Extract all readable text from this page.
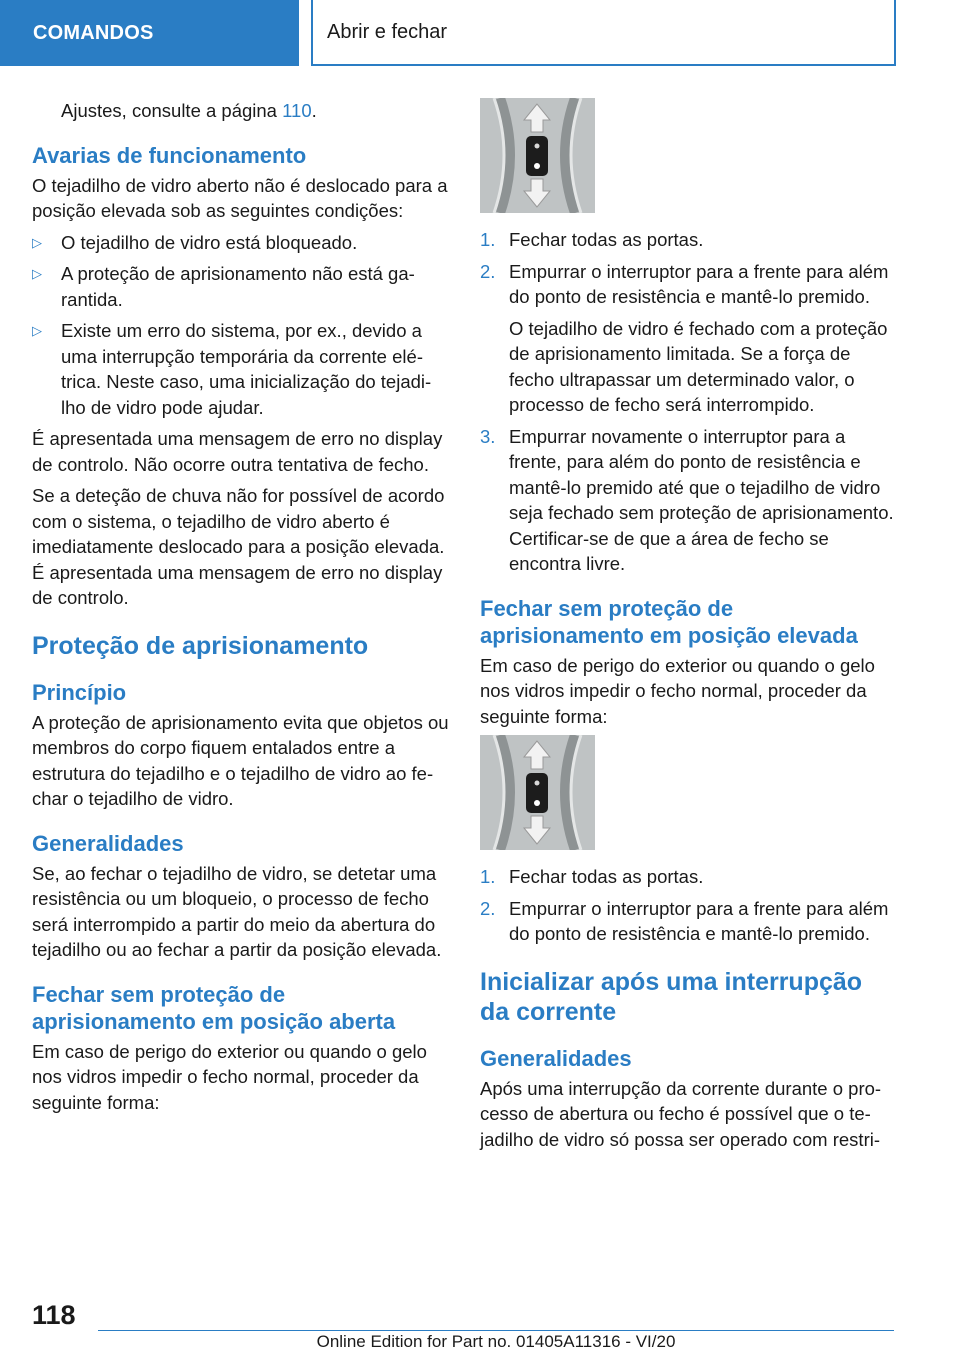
COMANDOS	Abrir e fechar

Ajustes, consulte a página 110.

Avarias de funcionamento

O tejadilho de vidro aberto não é deslocado para a posição elevada sob as seguintes condições:

▷ O tejadilho de vidro está bloqueado.
▷ A proteção de aprisionamento não está garantida.
▷ Existe um erro do sistema, por ex., devido a uma interrupção temporária da corrente elétrica. Neste caso, uma inicialização do tejadilho de vidro pode ajudar.

É apresentada uma mensagem de erro no display de controlo. Não ocorre outra tentativa de fecho.

Se a deteção de chuva não for possível de acordo com o sistema, o tejadilho de vidro aberto é imediatamente deslocado para a posição elevada. É apresentada uma mensagem de erro no display de controlo.

Proteção de aprisionamento
Princípio

A proteção de aprisionamento evita que objetos ou membros do corpo fiquem entalados entre a estrutura do tejadilho e o tejadilho de vidro ao fechar o tejadilho de vidro.

Generalidades

Se, ao fechar o tejadilho de vidro, se detetar uma resistência ou um bloqueio, o processo de fecho será interrompido a partir do meio da abertura do tejadilho ou ao fechar a partir da posição elevada.

Fechar sem proteção de aprisionamento em posição aberta

Em caso de perigo do exterior ou quando o gelo nos vidros impedir o fecho normal, proceder da seguinte forma:

1. Fechar todas as portas.
2. Empurrar o interruptor para a frente para além do ponto de resistência e mantê-lo premido.

O tejadilho de vidro é fechado com a proteção de aprisionamento limitada. Se a força de fecho ultrapassar um determinado valor, o processo de fecho será interrompido.

3. Empurrar novamente o interruptor para a frente, para além do ponto de resistência e mantê-lo premido até que o tejadilho de vidro seja fechado sem proteção de aprisionamento. Certificar-se de que a área de fecho se encontra livre.
Fechar sem proteção de aprisionamento em posição elevada

Em caso de perigo do exterior ou quando o gelo nos vidros impedir o fecho normal, proceder da seguinte forma:

1. Fechar todas as portas.
2. Empurrar o interruptor para a frente para além do ponto de resistência e mantê-lo premido.
Inicializar após uma interrupção da corrente
Generalidades

Após uma interrupção da corrente durante o processo de abertura ou fecho é possível que o tejadilho de vidro só possa ser operado com restri-

118
Online Edition for Part no. 01405A11316 - VI/20
